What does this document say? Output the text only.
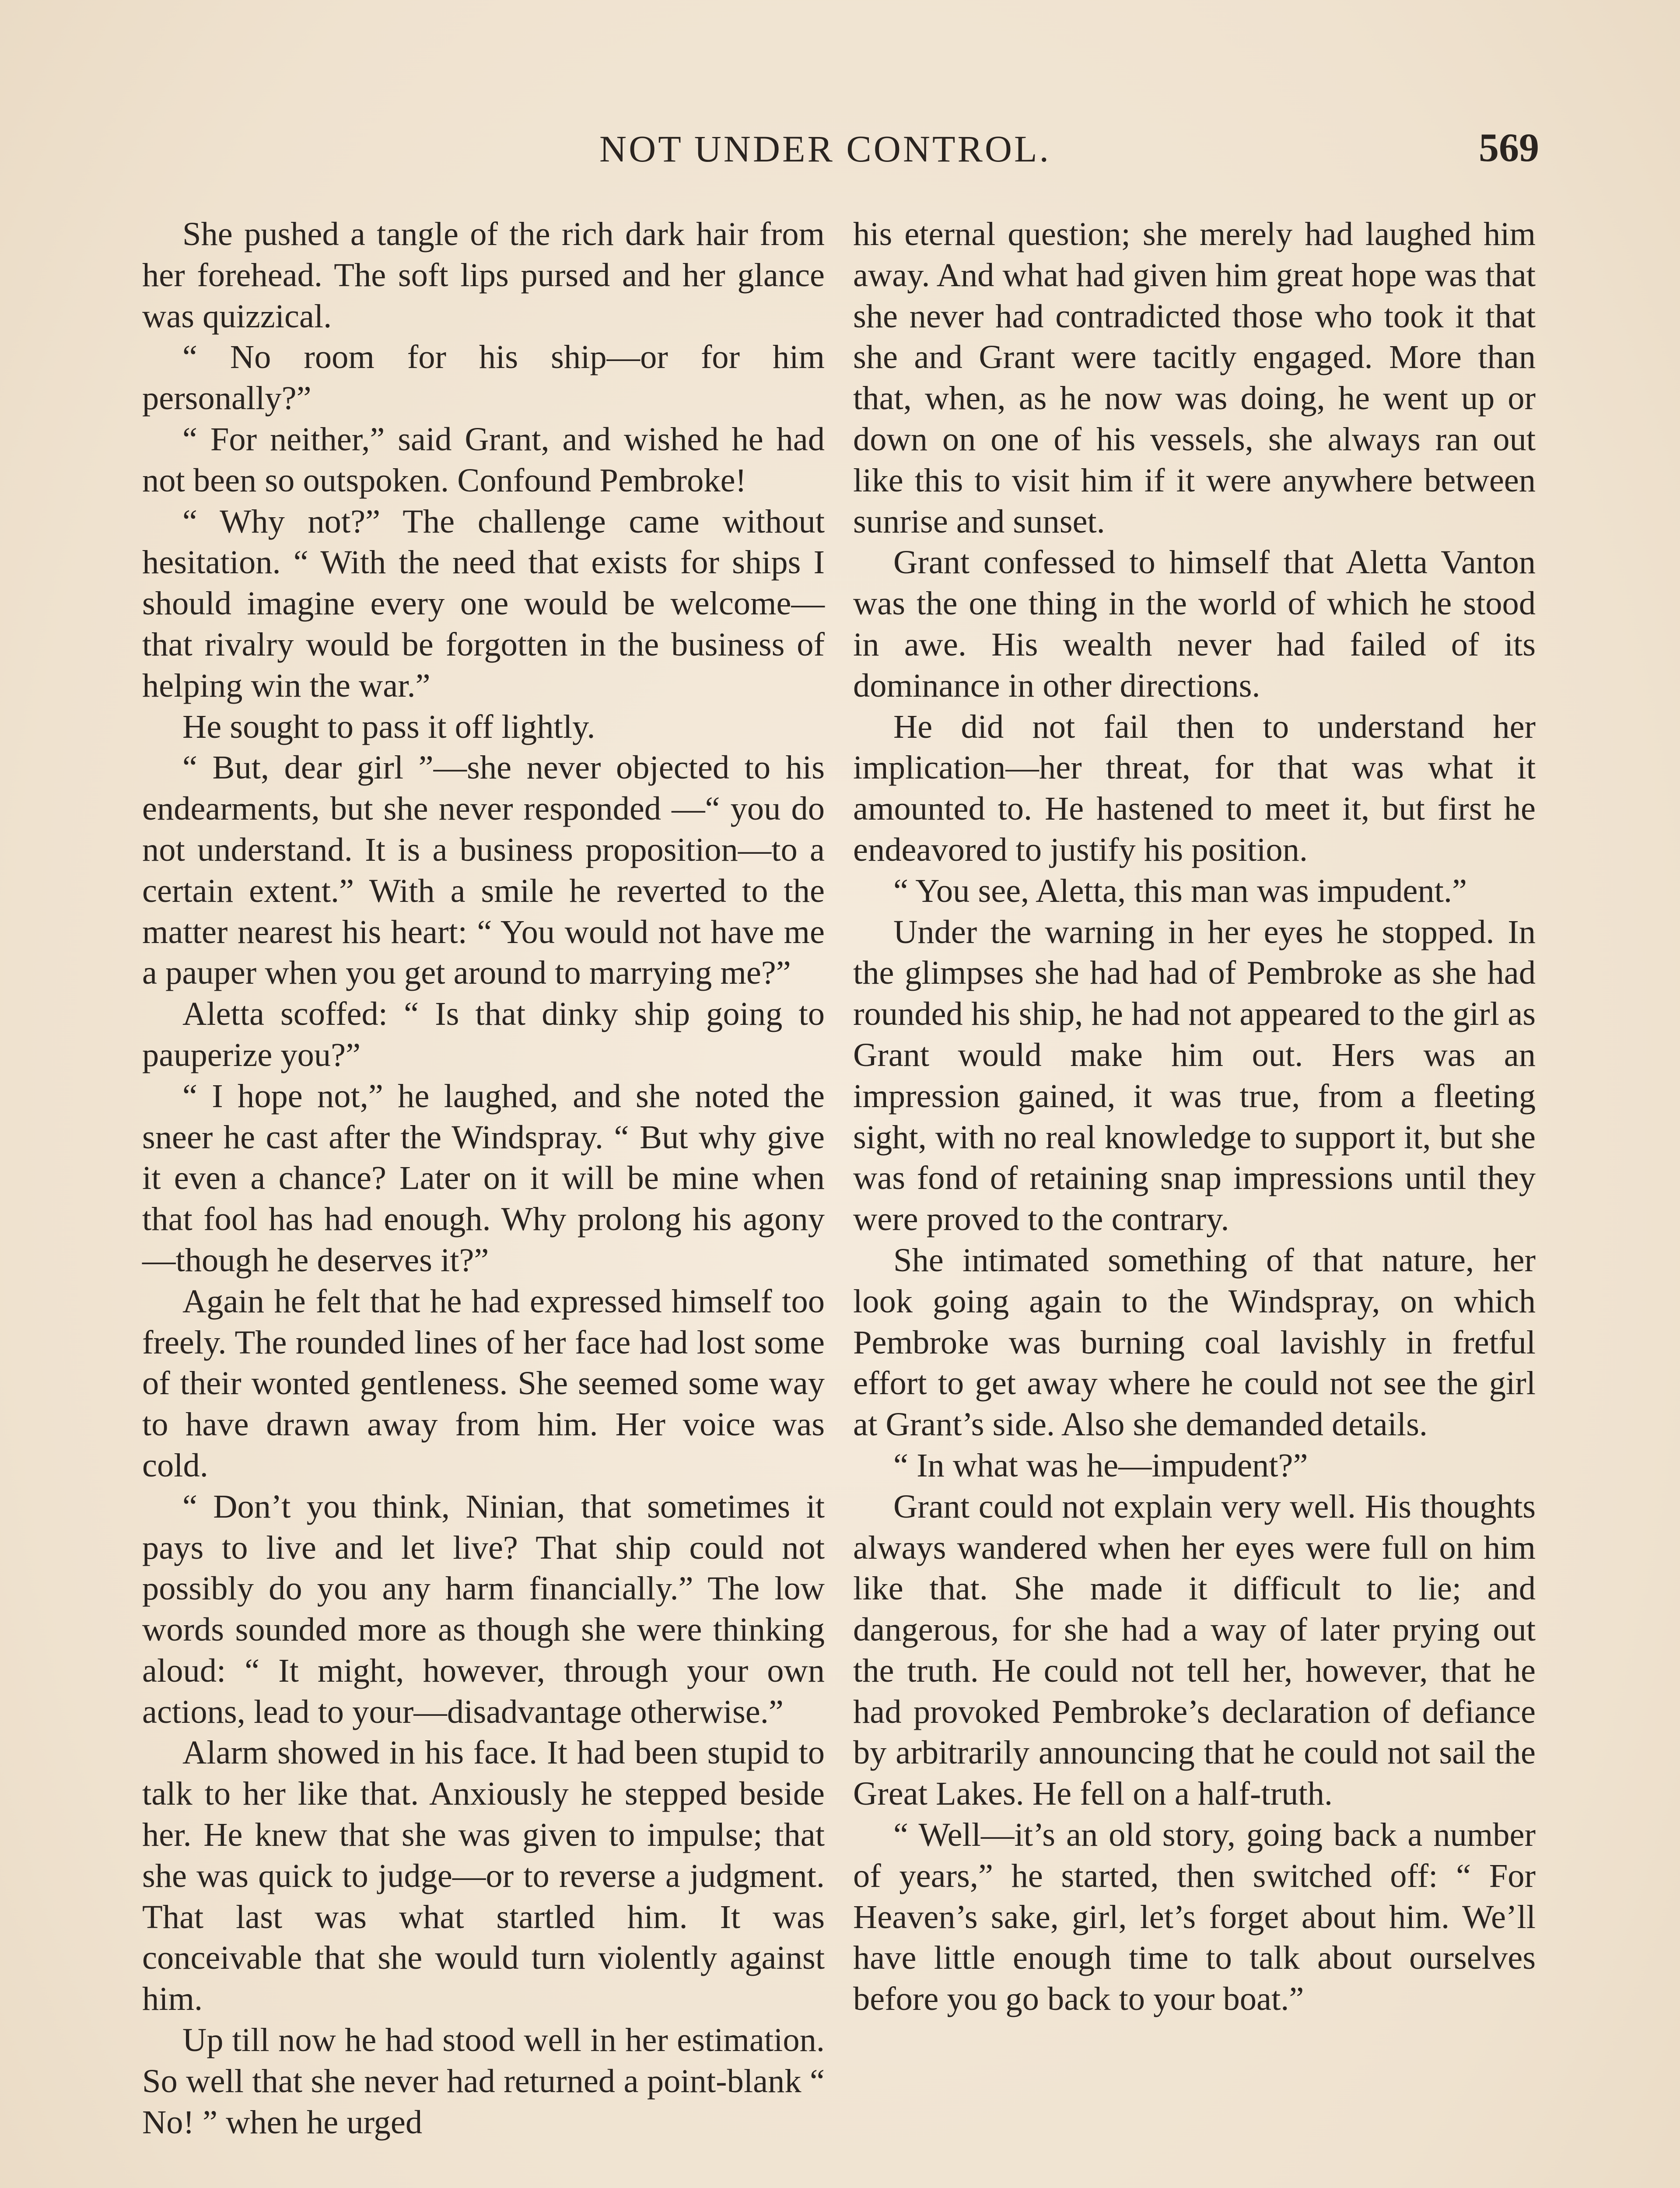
NOT UNDER CONTROL.	569

She pushed a tangle of the rich dark hair from her forehead. The soft lips pursed and her glance was quizzical.

“ No room for his ship—or for him personally?”

“ For neither,” said Grant, and wished he had not been so outspoken. Confound Pembroke!

“ Why not?” The challenge came without hesitation. “ With the need that exists for ships I should imagine every one would be welcome—that rivalry would be forgotten in the business of helping win the war.”

He sought to pass it off lightly.

“ But, dear girl ”—she never objected to his endearments, but she never responded —“ you do not understand. It is a business proposition—to a certain extent.” With a smile he reverted to the matter nearest his heart: “ You would not have me a pauper when you get around to marrying me?”

Aletta scoffed: “ Is that dinky ship going to pauperize you?”

“ I hope not,” he laughed, and she noted the sneer he cast after the Windspray. “ But why give it even a chance? Later on it will be mine when that fool has had enough. Why prolong his agony—though he deserves it?”

Again he felt that he had expressed himself too freely. The rounded lines of her face had lost some of their wonted gentleness. She seemed some way to have drawn away from him. Her voice was cold.

“ Don’t you think, Ninian, that sometimes it pays to live and let live? That ship could not possibly do you any harm financially.” The low words sounded more as though she were thinking aloud: “ It might, however, through your own actions, lead to your—disadvantage otherwise.”

Alarm showed in his face. It had been stupid to talk to her like that. Anxiously he stepped beside her. He knew that she was given to impulse; that she was quick to judge—or to reverse a judgment. That last was what startled him. It was conceivable that she would turn violently against him.

Up till now he had stood well in her estimation. So well that she never had returned a point-blank “ No! ” when he urged

his eternal question; she merely had laughed him away. And what had given him great hope was that she never had contradicted those who took it that she and Grant were tacitly engaged. More than that, when, as he now was doing, he went up or down on one of his vessels, she always ran out like this to visit him if it were anywhere between sunrise and sunset.

Grant confessed to himself that Aletta Vanton was the one thing in the world of which he stood in awe. His wealth never had failed of its dominance in other directions.

He did not fail then to understand her implication—her threat, for that was what it amounted to. He hastened to meet it, but first he endeavored to justify his position.

“ You see, Aletta, this man was impudent.”

Under the warning in her eyes he stopped. In the glimpses she had had of Pembroke as she had rounded his ship, he had not appeared to the girl as Grant would make him out. Hers was an impression gained, it was true, from a fleeting sight, with no real knowledge to support it, but she was fond of retaining snap impressions until they were proved to the contrary.

She intimated something of that nature, her look going again to the Windspray, on which Pembroke was burning coal lavishly in fretful effort to get away where he could not see the girl at Grant’s side. Also she demanded details.

“ In what was he—impudent?”

Grant could not explain very well. His thoughts always wandered when her eyes were full on him like that. She made it difficult to lie; and dangerous, for she had a way of later prying out the truth. He could not tell her, however, that he had provoked Pembroke’s declaration of defiance by arbitrarily announcing that he could not sail the Great Lakes. He fell on a half-truth.

“ Well—it’s an old story, going back a number of years,” he started, then switched off: “ For Heaven’s sake, girl, let’s forget about him. We’ll have little enough time to talk about ourselves before you go back to your boat.”
